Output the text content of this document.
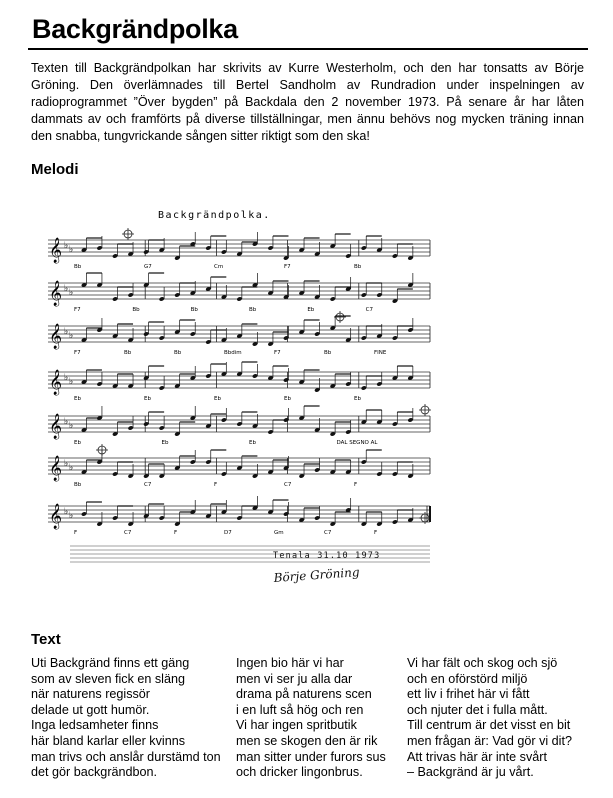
Backgrändpolka
Texten till Backgrändpolkan har skrivits av Kurre Westerholm, och den har tonsatts av Börje Gröning. Den överlämnades till Bertel Sandholm av Rundradion under inspelningen av radioprogrammet ”Över bygden” på Backdala den 2 november 1973. På senare år har låten dammats av och framförts på diverse tillställningar, men ännu behövs nog mycken träning innan den snabba, tungvrickande sången sitter riktigt som den ska!
Melodi
Backgrändpolka.
𝄞 ♭ ♭
Bb	G7	Cm	F7	Bb
𝄞 ♭ ♭
F7	Bb	Bb	Bb	Eb	C7
𝄞 ♭ ♭
F7	Bb	Bb	Bbdim	F7	Bb	FINE
𝄞 ♭ ♭
Eb	Eb	Eb	Eb	Eb
𝄞 ♭ ♭
Eb	Eb	Eb	DAL SEGNO AL
𝄞 ♭ ♭
Bb	C7	F	C7	F
𝄞 ♭ ♭
F	C7	F	D7	Gm	C7	F
Tenala 31.10 1973
Börje Gröning
Text
Uti Backgränd finns ett gäng
som av sleven fick en släng
när naturens regissör
delade ut gott humör.
Inga ledsamheter finns
här bland karlar eller kvinns
man trivs och anslår durstämd ton
det gör backgrändbon.
Ingen bio här vi har
men vi ser ju alla dar
drama på naturens scen
i en luft så hög och ren
Vi har ingen spritbutik
men se skogen den är rik
man sitter under furors sus
och dricker lingonbrus.
Vi har fält och skog och sjö
och en oförstörd miljö
ett liv i frihet här vi fått
och njuter det i fulla mått.
Till centrum är det visst en bit
men frågan är: Vad gör vi dit?
Att trivas här är inte svårt
– Backgränd är ju vårt.
